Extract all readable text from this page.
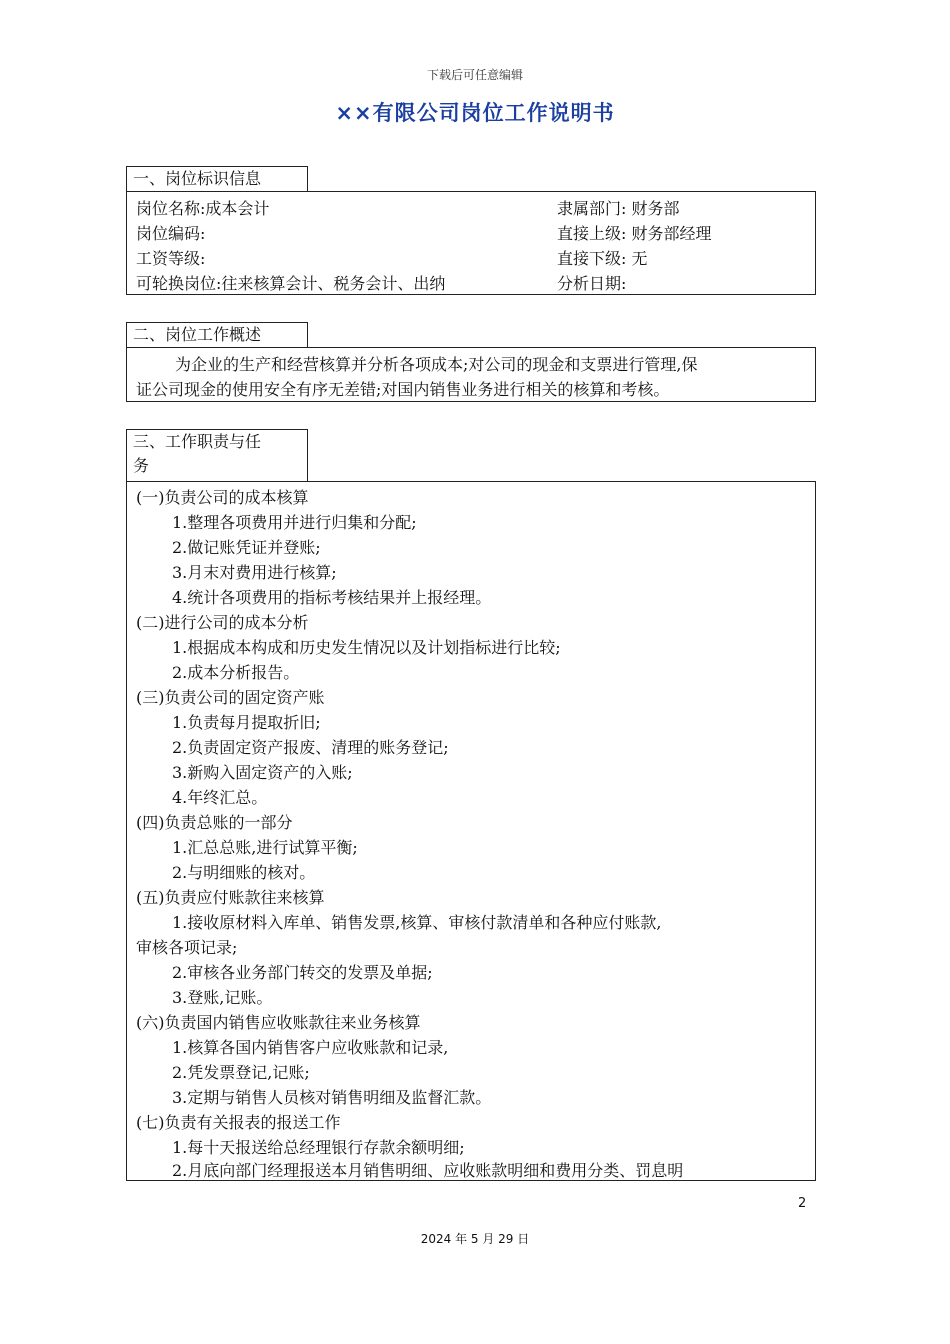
下载后可任意编辑
××有限公司岗位工作说明书
一、岗位标识信息
岗位名称:成本会计
岗位编码:
工资等级:
可轮换岗位:往来核算会计、税务会计、出纳
隶属部门: 财务部
直接上级: 财务部经理
直接下级: 无
分析日期:
二、岗位工作概述
为企业的生产和经营核算并分析各项成本;对公司的现金和支票进行管理,保
证公司现金的使用安全有序无差错;对国内销售业务进行相关的核算和考核。
三、工作职责与任
务
(一)负责公司的成本核算
1.整理各项费用并进行归集和分配;
2.做记账凭证并登账;
3.月末对费用进行核算;
4.统计各项费用的指标考核结果并上报经理。
(二)进行公司的成本分析
1.根据成本构成和历史发生情况以及计划指标进行比较;
2.成本分析报告。
(三)负责公司的固定资产账
1.负责每月提取折旧;
2.负责固定资产报废、清理的账务登记;
3.新购入固定资产的入账;
4.年终汇总。
(四)负责总账的一部分
1.汇总总账,进行试算平衡;
2.与明细账的核对。
(五)负责应付账款往来核算
1.接收原材料入库单、销售发票,核算、审核付款清单和各种应付账款,
审核各项记录;
2.审核各业务部门转交的发票及单据;
3.登账,记账。
(六)负责国内销售应收账款往来业务核算
1.核算各国内销售客户应收账款和记录,
2.凭发票登记,记账;
3.定期与销售人员核对销售明细及监督汇款。
(七)负责有关报表的报送工作
1.每十天报送给总经理银行存款余额明细;
2.月底向部门经理报送本月销售明细、应收账款明细和费用分类、罚息明
2
2024 年 5 月 29 日
